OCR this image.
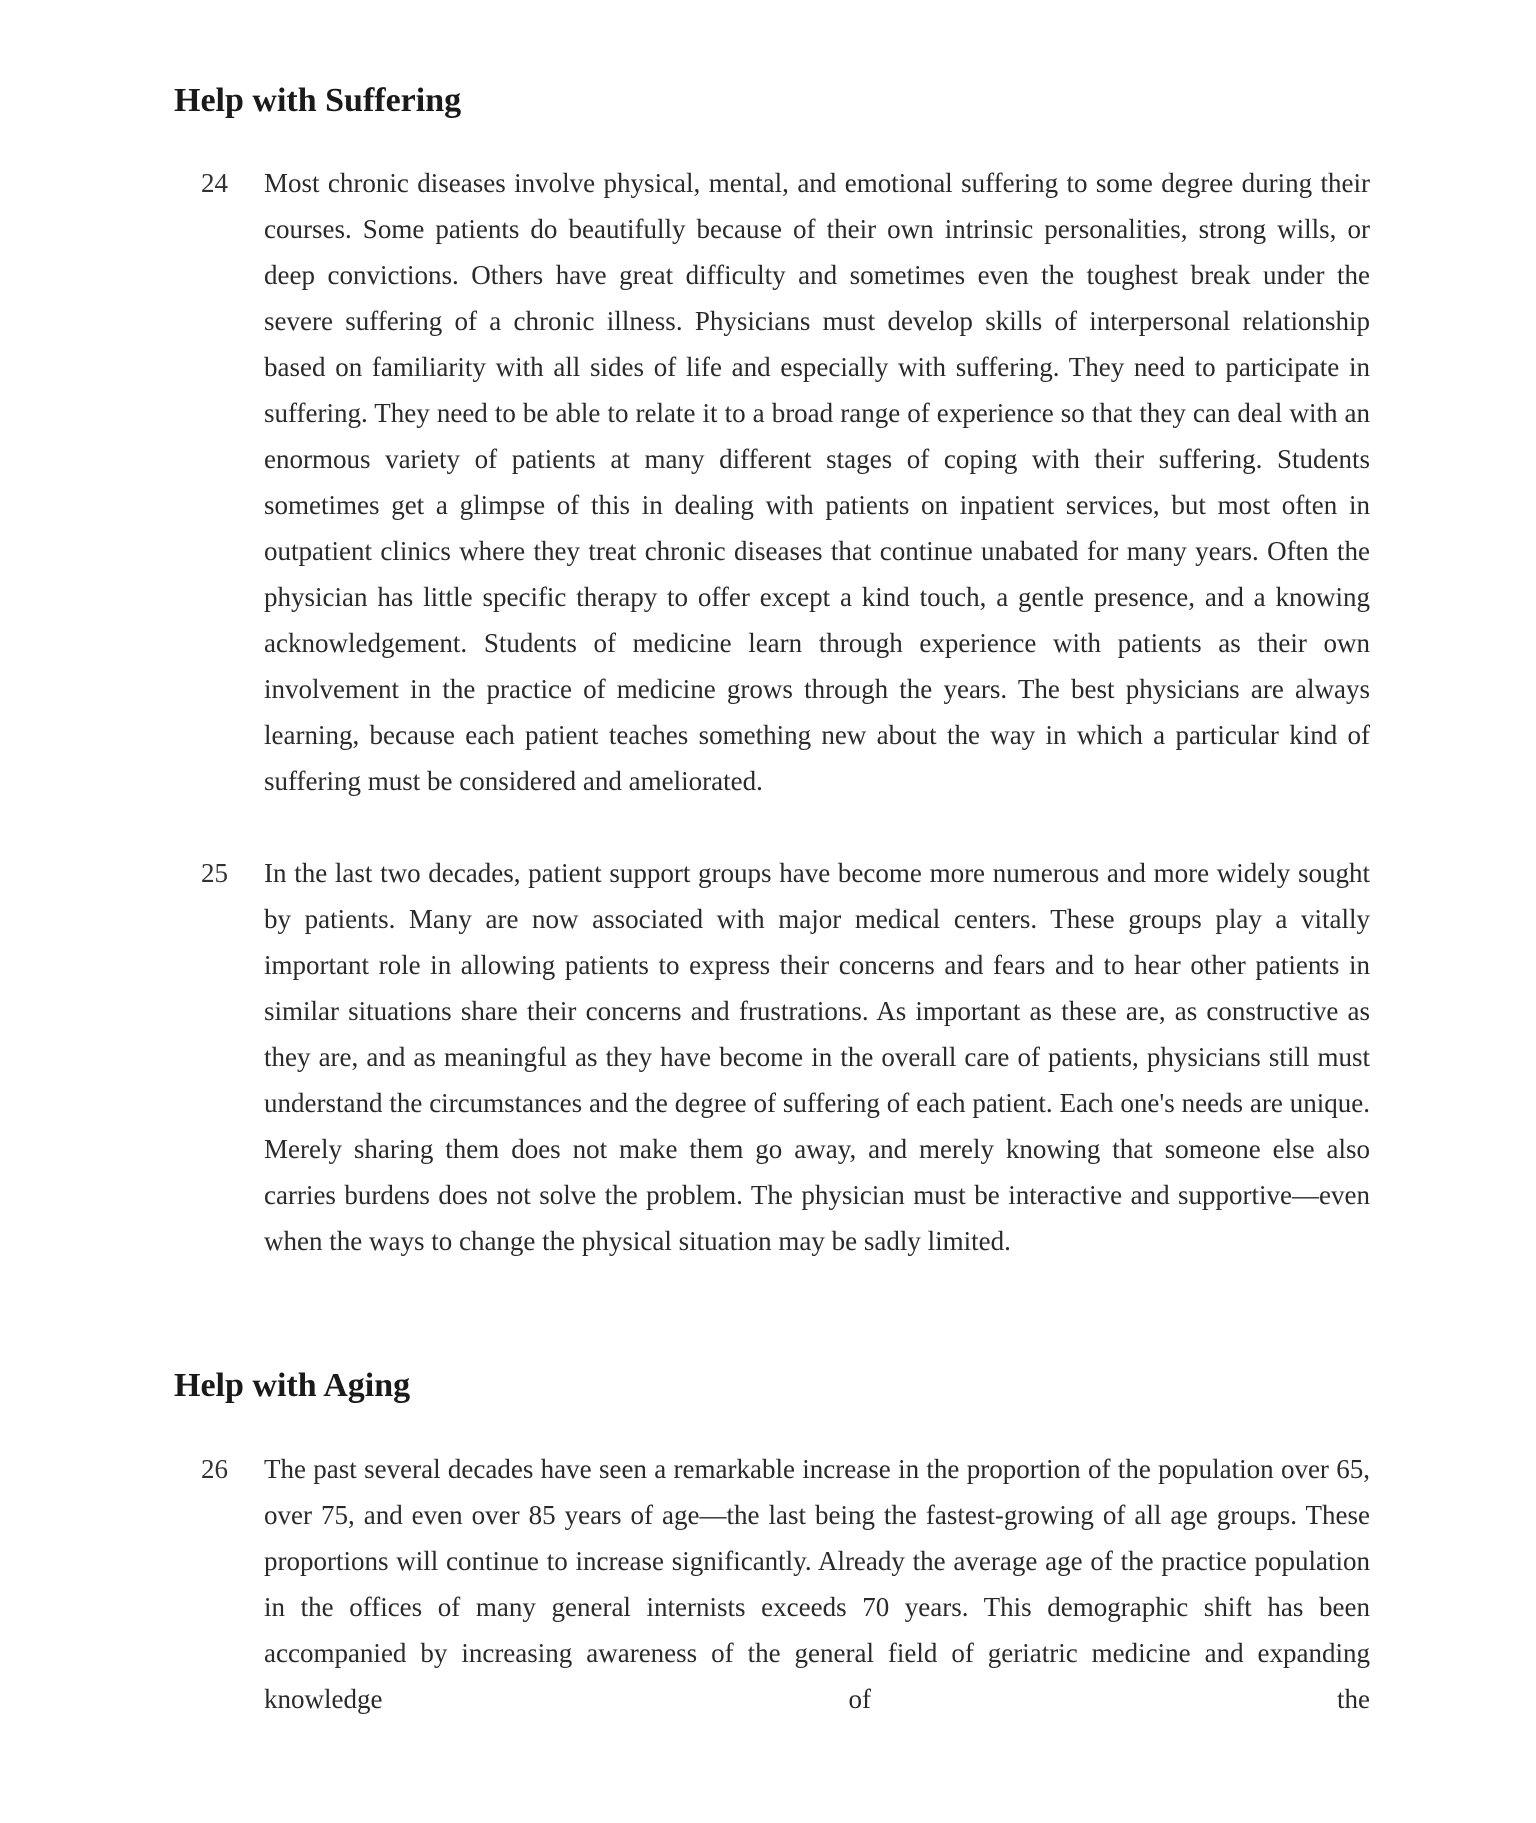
Help with Suffering
24	Most chronic diseases involve physical, mental, and emotional suffering to some degree during their courses. Some patients do beautifully because of their own intrinsic personalities, strong wills, or deep convictions. Others have great difficulty and sometimes even the toughest break under the severe suffering of a chronic illness. Physicians must develop skills of interpersonal relationship based on familiarity with all sides of life and especially with suffering. They need to participate in suffering. They need to be able to relate it to a broad range of experience so that they can deal with an enormous variety of patients at many different stages of coping with their suffering. Students sometimes get a glimpse of this in dealing with patients on inpatient services, but most often in outpatient clinics where they treat chronic diseases that continue unabated for many years. Often the physician has little specific therapy to offer except a kind touch, a gentle presence, and a knowing acknowledgement. Students of medicine learn through experience with patients as their own involvement in the practice of medicine grows through the years. The best physicians are always learning, because each patient teaches something new about the way in which a particular kind of suffering must be considered and ameliorated.

25	In the last two decades, patient support groups have become more numerous and more widely sought by patients. Many are now associated with major medical centers. These groups play a vitally important role in allowing patients to express their concerns and fears and to hear other patients in similar situations share their concerns and frustrations. As important as these are, as constructive as they are, and as meaningful as they have become in the overall care of patients, physicians still must understand the circumstances and the degree of suffering of each patient. Each one's needs are unique. Merely sharing them does not make them go away, and merely knowing that someone else also carries burdens does not solve the problem. The physician must be interactive and supportive—even when the ways to change the physical situation may be sadly limited.

Help with Aging
26	The past several decades have seen a remarkable increase in the proportion of the population over 65, over 75, and even over 85 years of age—the last being the fastest-growing of all age groups. These proportions will continue to increase significantly. Already the average age of the practice population in the offices of many general internists exceeds 70 years. This demographic shift has been accompanied by increasing awareness of the general field of geriatric medicine and expanding knowledge of the
